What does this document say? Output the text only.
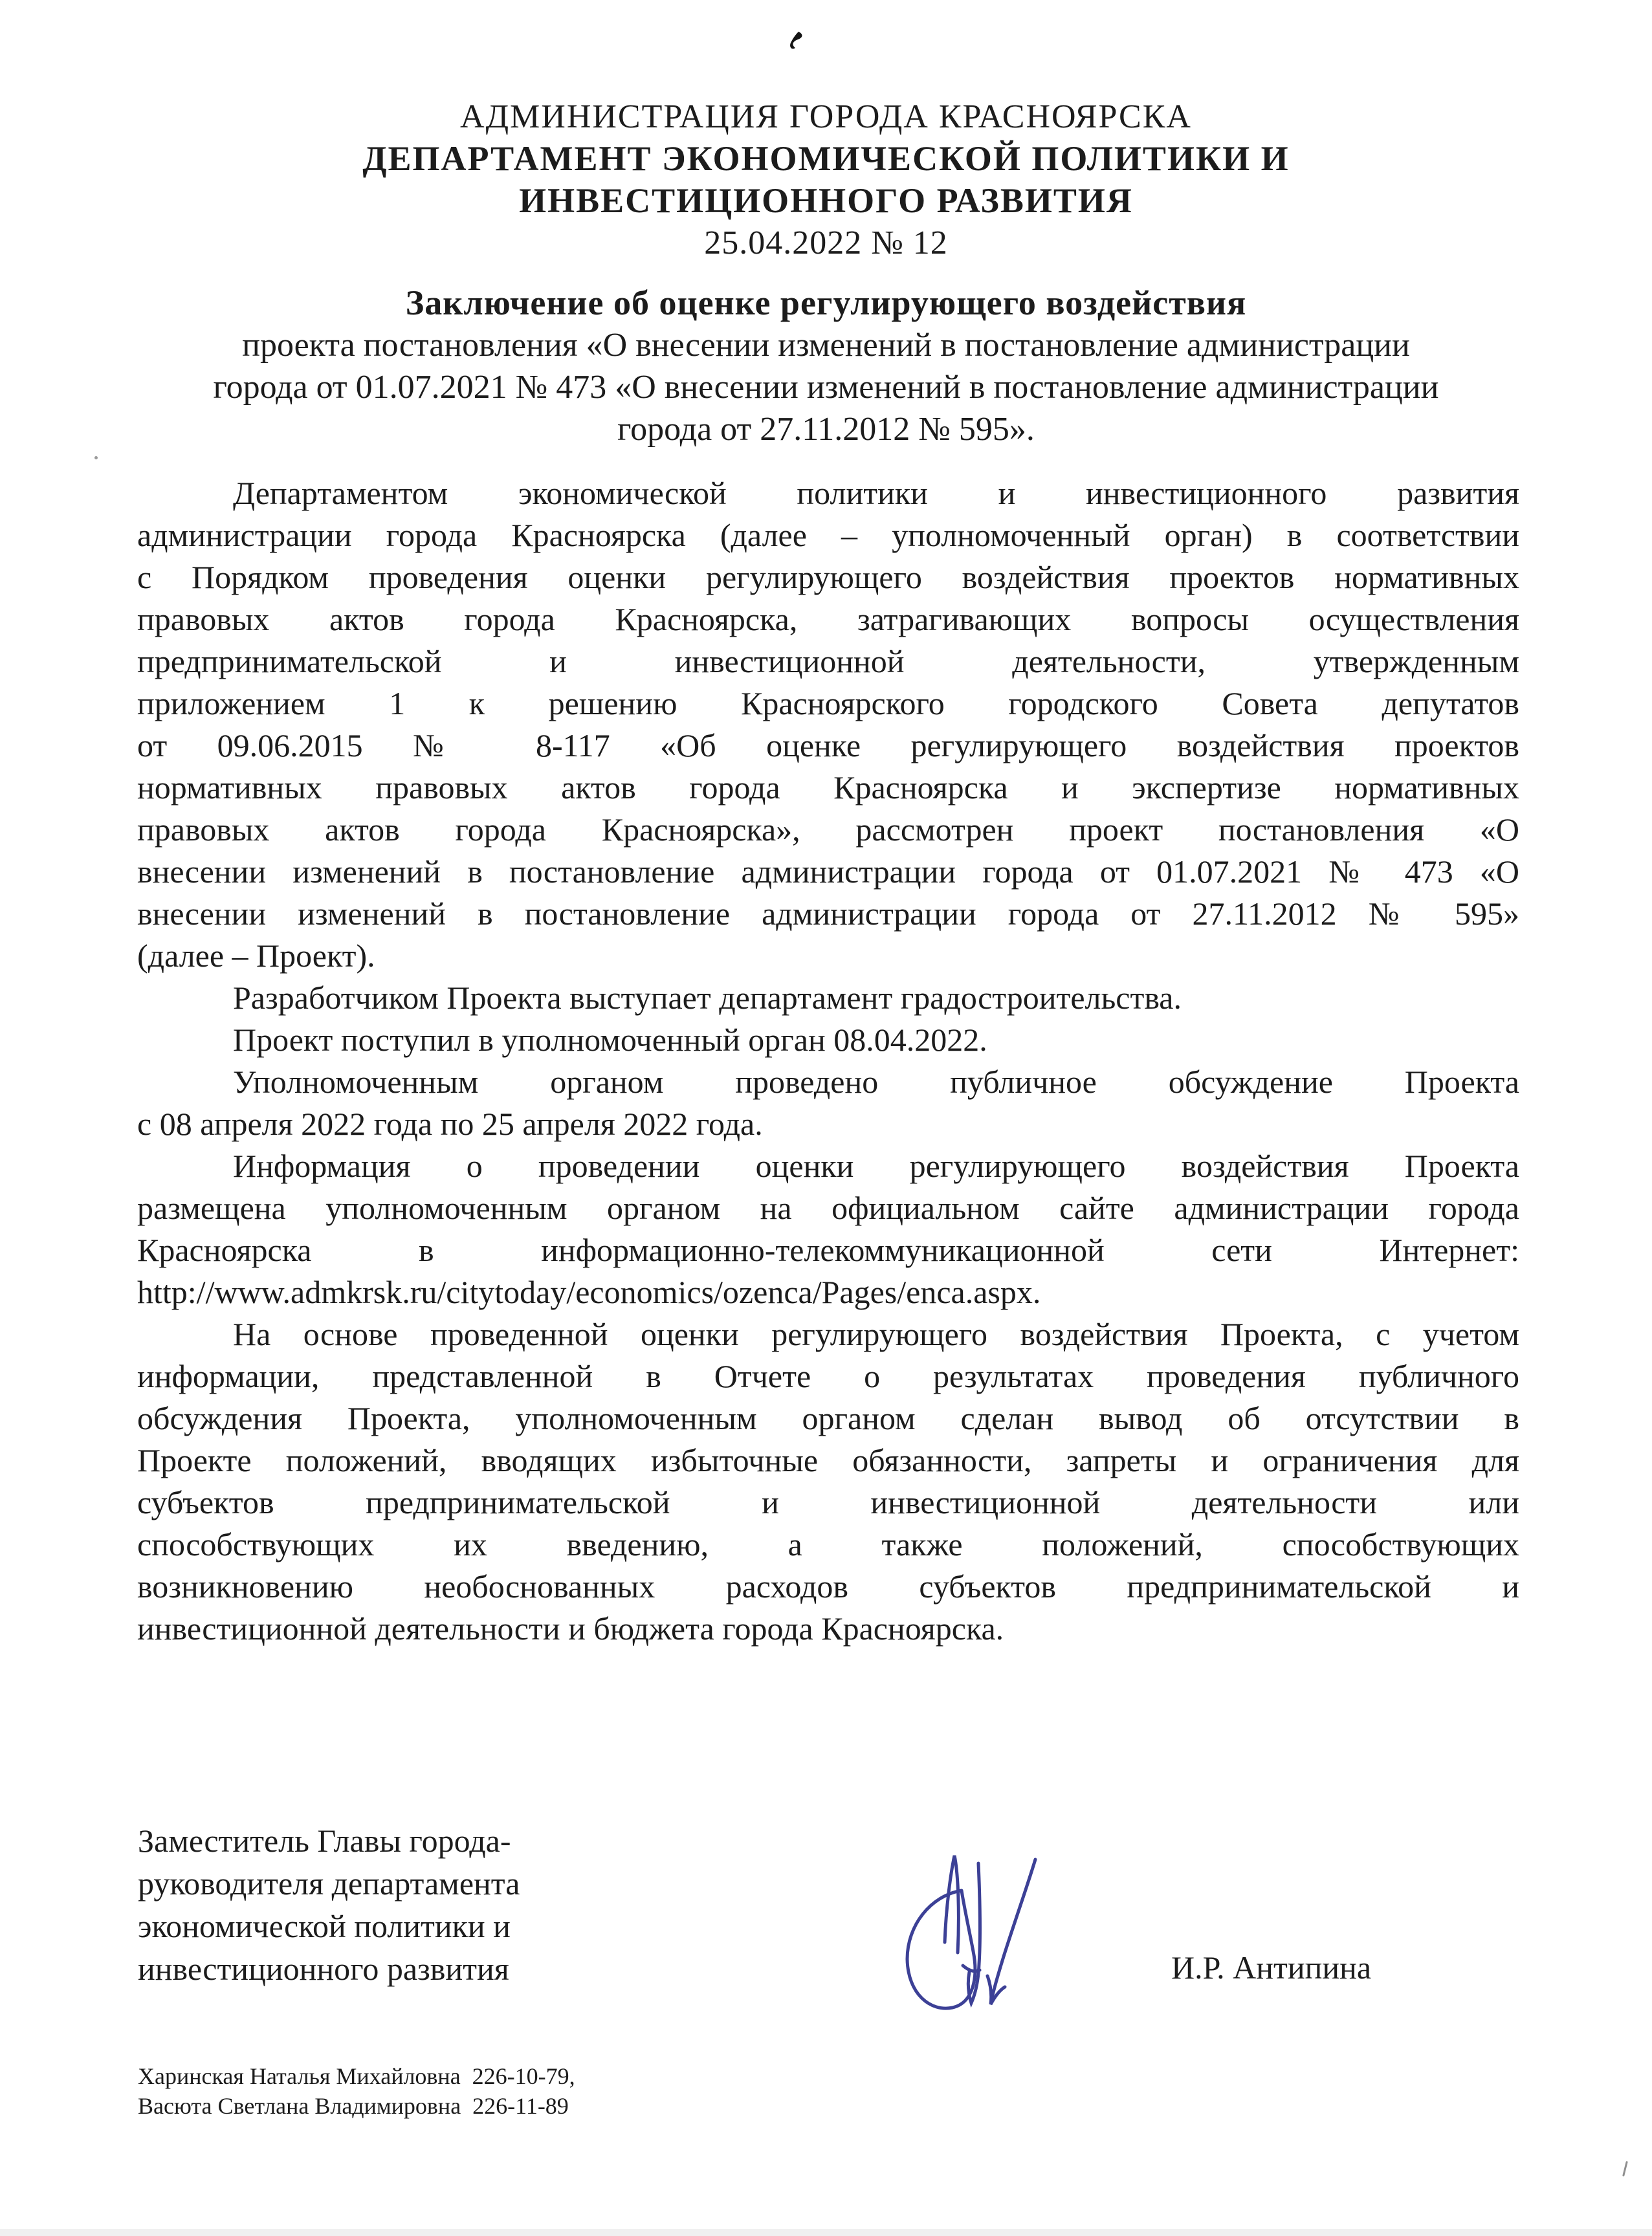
АДМИНИСТРАЦИЯ ГОРОДА КРАСНОЯРСКА
ДЕПАРТАМЕНТ ЭКОНОМИЧЕСКОЙ ПОЛИТИКИ И
ИНВЕСТИЦИОННОГО РАЗВИТИЯ
25.04.2022 № 12
Заключение об оценке регулирующего воздействия
проекта постановления «О внесении изменений в постановление администрации
города от 01.07.2021 № 473 «О внесении изменений в постановление администрации
города от 27.11.2012 № 595».
Департаментом экономической политики и инвестиционного развития
администрации города Красноярска (далее – уполномоченный орган) в соответствии
с Порядком проведения оценки регулирующего воздействия проектов нормативных
правовых актов города Красноярска, затрагивающих вопросы осуществления
предпринимательской и инвестиционной деятельности, утвержденным
приложением 1 к решению Красноярского городского Совета депутатов
от 09.06.2015 № 8-117 «Об оценке регулирующего воздействия проектов
нормативных правовых актов города Красноярска и экспертизе нормативных
правовых актов города Красноярска», рассмотрен проект постановления «О
внесении изменений в постановление администрации города от 01.07.2021 № 473 «О
внесении изменений в постановление администрации города от 27.11.2012 № 595»
(далее – Проект).
Разработчиком Проекта выступает департамент градостроительства.
Проект поступил в уполномоченный орган 08.04.2022.
Уполномоченным органом проведено публичное обсуждение Проекта
с 08 апреля 2022 года по 25 апреля 2022 года.
Информация о проведении оценки регулирующего воздействия Проекта
размещена уполномоченным органом на официальном сайте администрации города
Красноярска в информационно-телекоммуникационной сети Интернет:
http://www.admkrsk.ru/citytoday/economics/ozenca/Pages/enca.aspx.
На основе проведенной оценки регулирующего воздействия Проекта, с учетом
информации, представленной в Отчете о результатах проведения публичного
обсуждения Проекта, уполномоченным органом сделан вывод об отсутствии в
Проекте положений, вводящих избыточные обязанности, запреты и ограничения для
субъектов предпринимательской и инвестиционной деятельности или
способствующих их введению, а также положений, способствующих
возникновению необоснованных расходов субъектов предпринимательской и
инвестиционной деятельности и бюджета города Красноярска.
Заместитель Главы города-
руководителя департамента
экономической политики и
инвестиционного развития	И.Р. Антипина
Харинская Наталья Михайловна  226-10-79,
Васюта Светлана Владимировна  226-11-89
